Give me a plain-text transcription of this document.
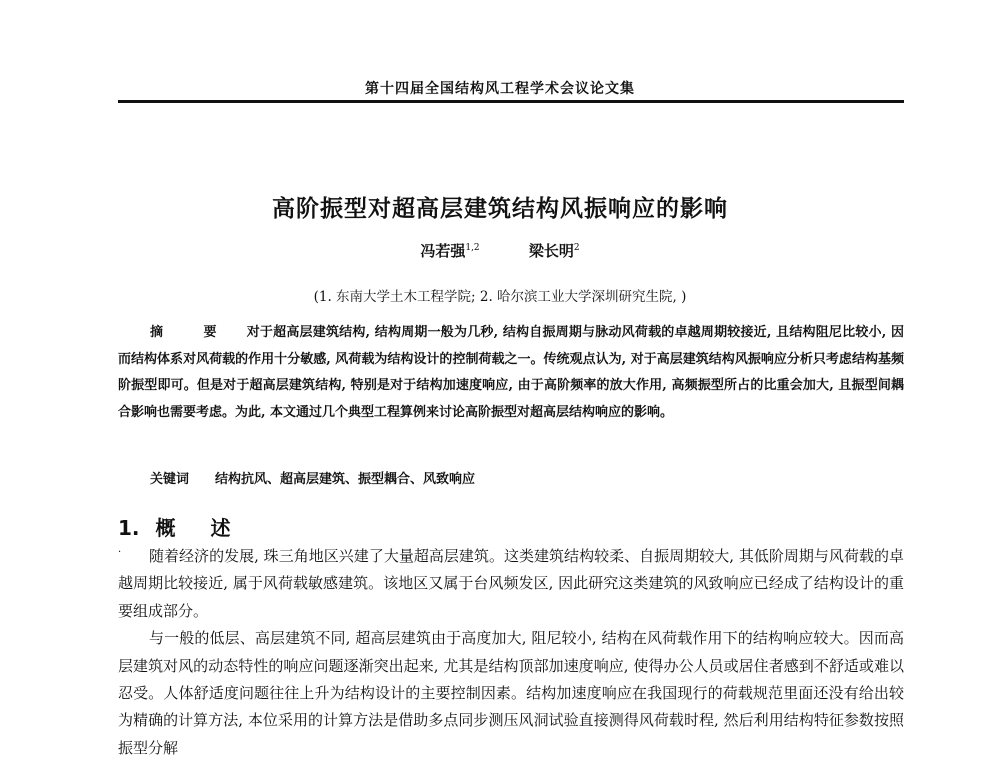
第十四届全国结构风工程学术会议论文集
高阶振型对超高层建筑结构风振响应的影响
冯若强$^{1,2}$	梁长明$^2$
(1. 东南大学土木工程学院; 2. 哈尔滨工业大学深圳研究生院, )
摘 要 对于超高层建筑结构, 结构周期一般为几秒, 结构自振周期与脉动风荷载的卓越周期较接近, 且结构阻尼比较小, 因而结构体系对风荷载的作用十分敏感, 风荷载为结构设计的控制荷载之一。传统观点认为, 对于高层建筑结构风振响应分析只考虑结构基频阶振型即可。但是对于超高层建筑结构, 特别是对于结构加速度响应, 由于高阶频率的放大作用, 高频振型所占的比重会加大, 且振型间耦合影响也需要考虑。为此, 本文通过几个典型工程算例来讨论高阶振型对超高层结构响应的影响。
关键词 结构抗风、超高层建筑、振型耦合、风致响应
1. 概 述
·	随着经济的发展, 珠三角地区兴建了大量超高层建筑。这类建筑结构较柔、自振周期较大, 其低阶周期与风荷载的卓越周期比较接近, 属于风荷载敏感建筑。该地区又属于台风频发区, 因此研究这类建筑的风致响应已经成了结构设计的重要组成部分。

与一般的低层、高层建筑不同, 超高层建筑由于高度加大, 阻尼较小, 结构在风荷载作用下的结构响应较大。因而高层建筑对风的动态特性的响应问题逐渐突出起来, 尤其是结构顶部加速度响应, 使得办公人员或居住者感到不舒适或难以忍受。人体舒适度问题往往上升为结构设计的主要控制因素。结构加速度响应在我国现行的荷载规范里面还没有给出较为精确的计算方法, 本位采用的计算方法是借助多点同步测压风洞试验直接测得风荷载时程, 然后利用结构特征参数按照振型分解
